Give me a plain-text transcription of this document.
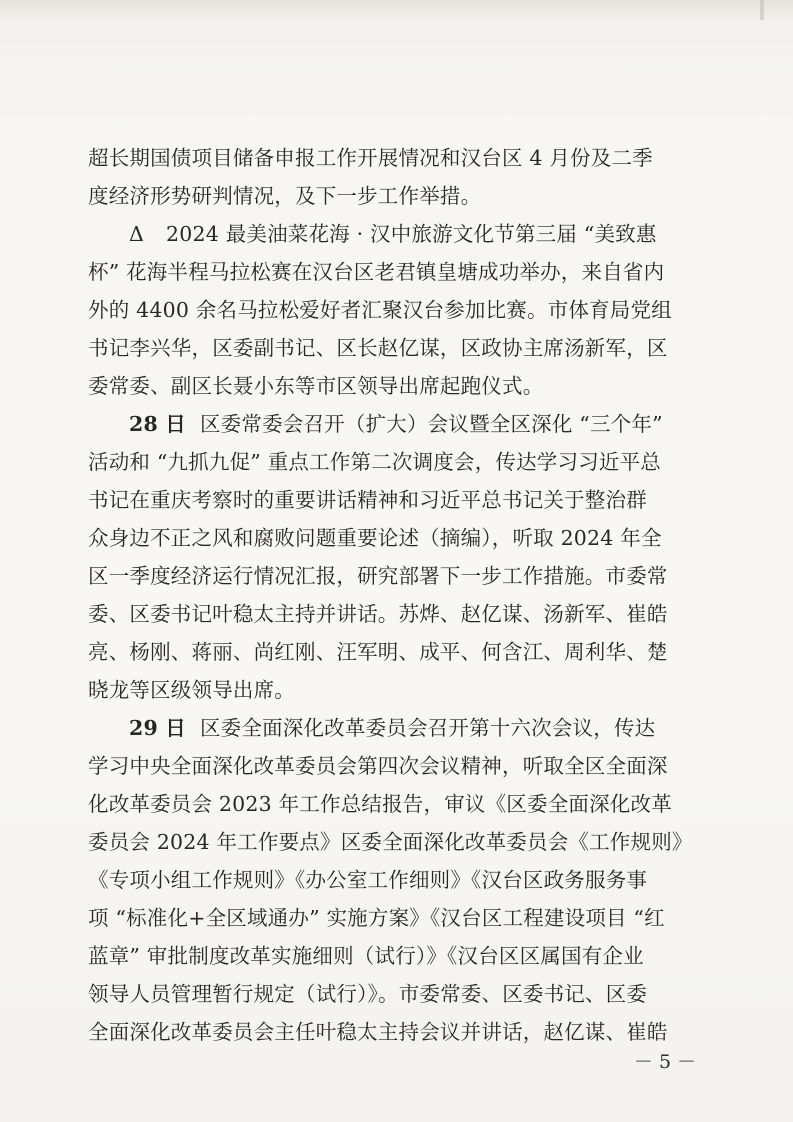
超长期国债项目储备申报工作开展情况和汉台区 4 月份及二季
度经济形势研判情况，及下一步工作举措。
Δ 2024 最美油菜花海 · 汉中旅游文化节第三届 “美致惠
杯” 花海半程马拉松赛在汉台区老君镇皇塘成功举办，来自省内
外的 4400 余名马拉松爱好者汇聚汉台参加比赛。市体育局党组
书记李兴华，区委副书记、区长赵亿谋，区政协主席汤新军，区
委常委、副区长聂小东等市区领导出席起跑仪式。
28 日 区委常委会召开（扩大）会议暨全区深化 “三个年”
活动和 “九抓九促” 重点工作第二次调度会，传达学习习近平总
书记在重庆考察时的重要讲话精神和习近平总书记关于整治群
众身边不正之风和腐败问题重要论述（摘编），听取 2024 年全
区一季度经济运行情况汇报，研究部署下一步工作措施。市委常
委、区委书记叶稳太主持并讲话。苏烨、赵亿谋、汤新军、崔皓
亮、杨刚、蒋丽、尚红刚、汪军明、成平、何含江、周利华、楚
晓龙等区级领导出席。
29 日 区委全面深化改革委员会召开第十六次会议，传达
学习中央全面深化改革委员会第四次会议精神，听取全区全面深
化改革委员会 2023 年工作总结报告，审议《区委全面深化改革
委员会 2024 年工作要点》区委全面深化改革委员会《工作规则》
《专项小组工作规则》《办公室工作细则》《汉台区政务服务事
项 “标准化+全区域通办” 实施方案》《汉台区工程建设项目 “红
蓝章” 审批制度改革实施细则（试行）》《汉台区区属国有企业
领导人员管理暂行规定（试行）》。市委常委、区委书记、区委
全面深化改革委员会主任叶稳太主持会议并讲话，赵亿谋、崔皓
－ 5 －
